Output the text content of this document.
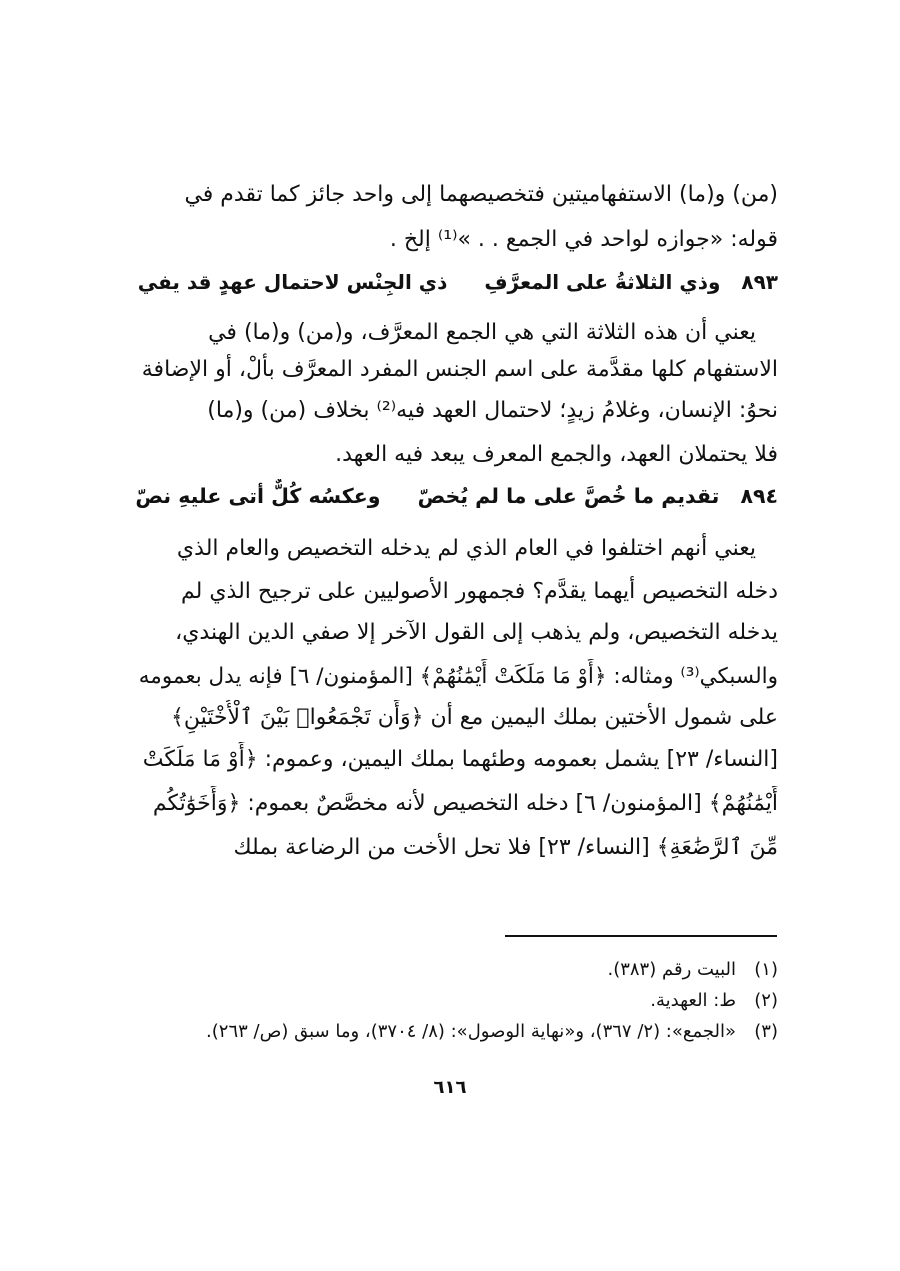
(من) و(ما) الاستفهاميتين فتخصيصهما إلى واحد جائز كما تقدم في
قوله: «جوازه لواحد في الجمع . . »⁽¹⁾ إلخ .
٨٩٣ وذي الثلاثةُ على المعرَّفِ ذي الجِنْس لاحتمال عهدٍ قد يفي
يعني أن هذه الثلاثة التي هي الجمع المعرَّف، و(من) و(ما) في
الاستفهام كلها مقدَّمة على اسم الجنس المفرد المعرَّف بألْ، أو الإضافة
نحوُ: الإنسان، وغلامُ زيدٍ؛ لاحتمال العهد فيه⁽²⁾ بخلاف (من) و(ما)
فلا يحتملان العهد، والجمع المعرف يبعد فيه العهد.
٨٩٤ تقديم ما خُصَّ على ما لم يُخصّ وعكسُه كُلٌّ أتى عليهِ نصّ
يعني أنهم اختلفوا في العام الذي لم يدخله التخصيص والعام الذي
دخله التخصيص أيهما يقدَّم؟ فجمهور الأصوليين على ترجيح الذي لم
يدخله التخصيص، ولم يذهب إلى القول الآخر إلا صفي الدين الهندي،
والسبكي⁽³⁾ ومثاله: ﴿أَوْ مَا مَلَكَتْ أَيْمَٰنُهُمْ﴾ [المؤمنون/ ٦] فإنه يدل بعمومه
على شمول الأختين بملك اليمين مع أن ﴿وَأَن تَجْمَعُوا۟ بَيْنَ ٱلْأُخْتَيْنِ﴾
[النساء/ ٢٣] يشمل بعمومه وطئهما بملك اليمين، وعموم: ﴿أَوْ مَا مَلَكَتْ
أَيْمَٰنُهُمْ﴾ [المؤمنون/ ٦] دخله التخصيص لأنه مخصَّصٌ بعموم: ﴿وَأَخَوَٰتُكُم
مِّنَ ٱلرَّضَٰعَةِ﴾ [النساء/ ٢٣] فلا تحل الأخت من الرضاعة بملك
(١)البيت رقم (٣٨٣).
(٢)ط: العهدية.
(٣)«الجمع»: (٢/ ٣٦٧)، و«نهاية الوصول»: (٨/ ٣٧٠٤)، وما سبق (ص/ ٢٦٣).
٦١٦
